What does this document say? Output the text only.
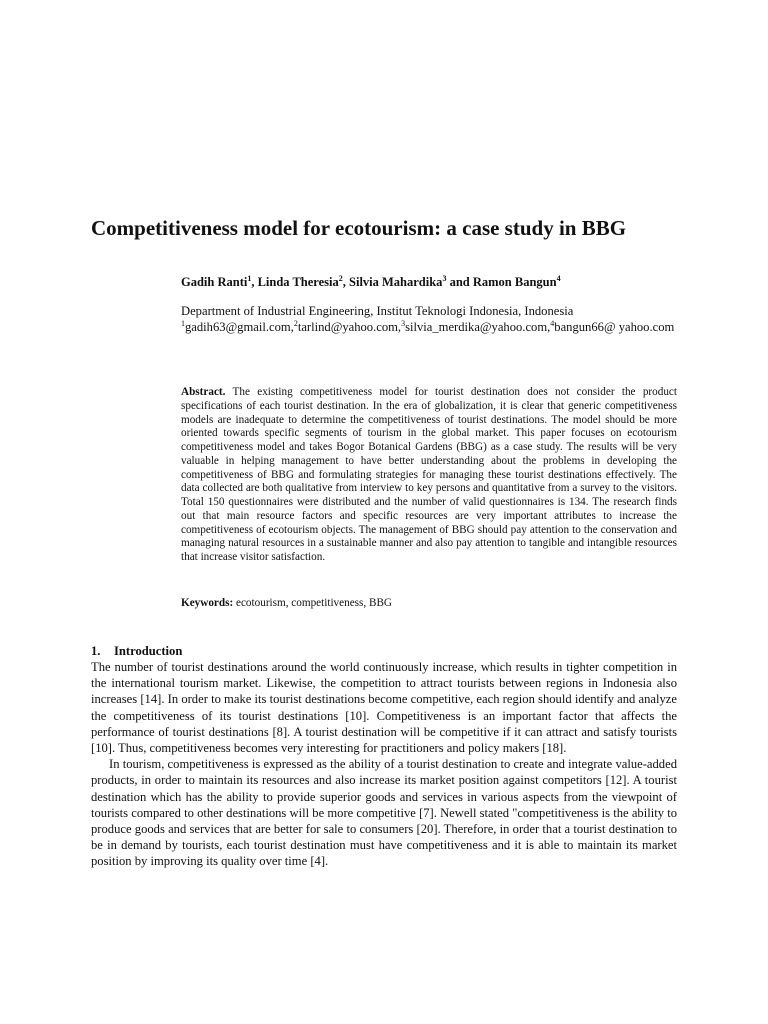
Competitiveness model for ecotourism: a case study in BBG
Gadih Ranti$^1$, Linda Theresia$^2$, Silvia Mahardika$^3$ and Ramon Bangun$^4$
Department of Industrial Engineering, Institut Teknologi Indonesia, Indonesia
$^1$gadih63@gmail.com,$^2$tarlind@yahoo.com,$^3$silvia_merdika@yahoo.com,$^4$bangun66@ yahoo.com
Abstract. The existing competitiveness model for tourist destination does not consider the product specifications of each tourist destination. In the era of globalization, it is clear that generic competitiveness models are inadequate to determine the competitiveness of tourist destinations. The model should be more oriented towards specific segments of tourism in the global market. This paper focuses on ecotourism competitiveness model and takes Bogor Botanical Gardens (BBG) as a case study. The results will be very valuable in helping management to have better understanding about the problems in developing the competitiveness of BBG and formulating strategies for managing these tourist destinations effectively. The data collected are both qualitative from interview to key persons and quantitative from a survey to the visitors. Total 150 questionnaires were distributed and the number of valid questionnaires is 134. The research finds out that main resource factors and specific resources are very important attributes to increase the competitiveness of ecotourism objects. The management of BBG should pay attention to the conservation and managing natural resources in a sustainable manner and also pay attention to tangible and intangible resources that increase visitor satisfaction.
Keywords: ecotourism, competitiveness, BBG
1. Introduction

The number of tourist destinations around the world continuously increase, which results in tighter competition in the international tourism market. Likewise, the competition to attract tourists between regions in Indonesia also increases [14]. In order to make its tourist destinations become competitive, each region should identify and analyze the competitiveness of its tourist destinations [10]. Competitiveness is an important factor that affects the performance of tourist destinations [8]. A tourist destination will be competitive if it can attract and satisfy tourists [10]. Thus, competitiveness becomes very interesting for practitioners and policy makers [18].

In tourism, competitiveness is expressed as the ability of a tourist destination to create and integrate value-added products, in order to maintain its resources and also increase its market position against competitors [12]. A tourist destination which has the ability to provide superior goods and services in various aspects from the viewpoint of tourists compared to other destinations will be more competitive [7]. Newell stated "competitiveness is the ability to produce goods and services that are better for sale to consumers [20]. Therefore, in order that a tourist destination to be in demand by tourists, each tourist destination must have competitiveness and it is able to maintain its market position by improving its quality over time [4].
